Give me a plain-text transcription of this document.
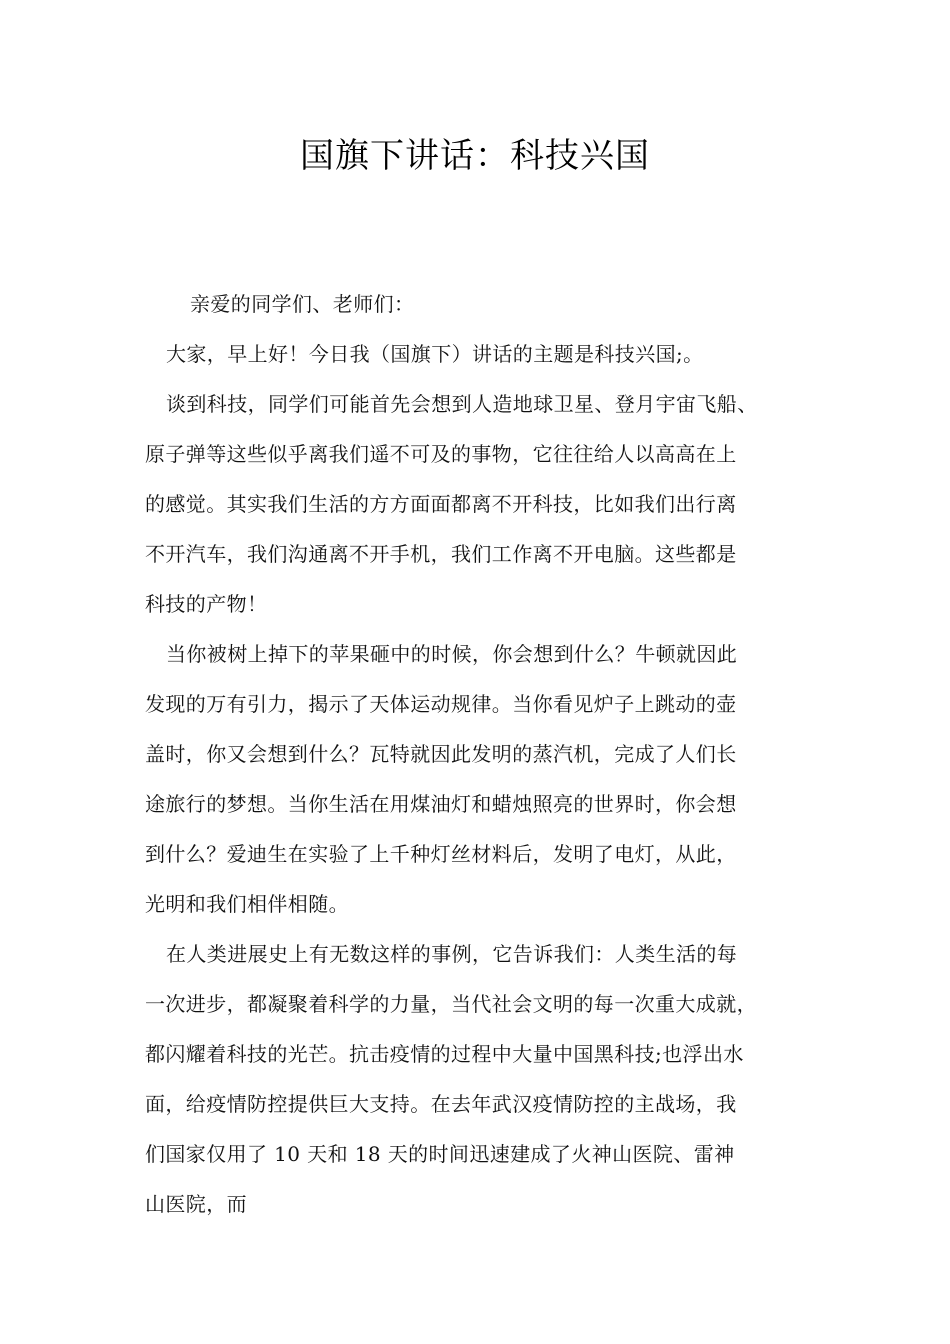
国旗下讲话：科技兴国
亲爱的同学们、老师们：
大家，早上好！今日我（国旗下）讲话的主题是科技兴国;。
谈到科技，同学们可能首先会想到人造地球卫星、登月宇宙飞船、
原子弹等这些似乎离我们遥不可及的事物，它往往给人以高高在上
的感觉。其实我们生活的方方面面都离不开科技，比如我们出行离
不开汽车，我们沟通离不开手机，我们工作离不开电脑。这些都是
科技的产物！
当你被树上掉下的苹果砸中的时候，你会想到什么？牛顿就因此
发现的万有引力，揭示了天体运动规律。当你看见炉子上跳动的壶
盖时，你又会想到什么？瓦特就因此发明的蒸汽机，完成了人们长
途旅行的梦想。当你生活在用煤油灯和蜡烛照亮的世界时，你会想
到什么？爱迪生在实验了上千种灯丝材料后，发明了电灯，从此，
光明和我们相伴相随。
在人类进展史上有无数这样的事例，它告诉我们：人类生活的每
一次进步，都凝聚着科学的力量，当代社会文明的每一次重大成就，
都闪耀着科技的光芒。抗击疫情的过程中大量中国黑科技;也浮出水
面，给疫情防控提供巨大支持。在去年武汉疫情防控的主战场，我
们国家仅用了 10 天和 18 天的时间迅速建成了火神山医院、雷神
山医院，而
